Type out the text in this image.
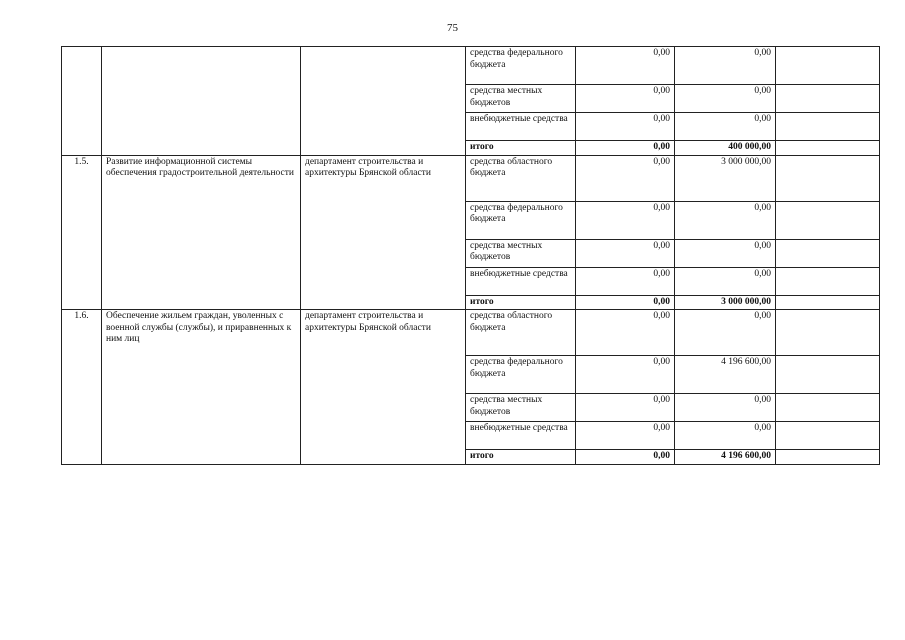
75
			средства федерального бюджета	0,00	0,00	
			средства местных бюджетов	0,00	0,00	
			внебюджетные средства	0,00	0,00	
			итого	0,00	400 000,00	
1.5.	Развитие информационной системы обеспечения градостроительной деятельности	департамент строительства и архитектуры Брянской области	средства областного бюджета	0,00	3 000 000,00	
			средства федерального бюджета	0,00	0,00	
			средства местных бюджетов	0,00	0,00	
			внебюджетные средства	0,00	0,00	
			итого	0,00	3 000 000,00	
1.6.	Обеспечение жильем граждан, уволенных с военной службы (службы), и приравненных к ним лиц	департамент строительства и архитектуры Брянской области	средства областного бюджета	0,00	0,00	
			средства федерального бюджета	0,00	4 196 600,00	
			средства местных бюджетов	0,00	0,00	
			внебюджетные средства	0,00	0,00	
			итого	0,00	4 196 600,00	
